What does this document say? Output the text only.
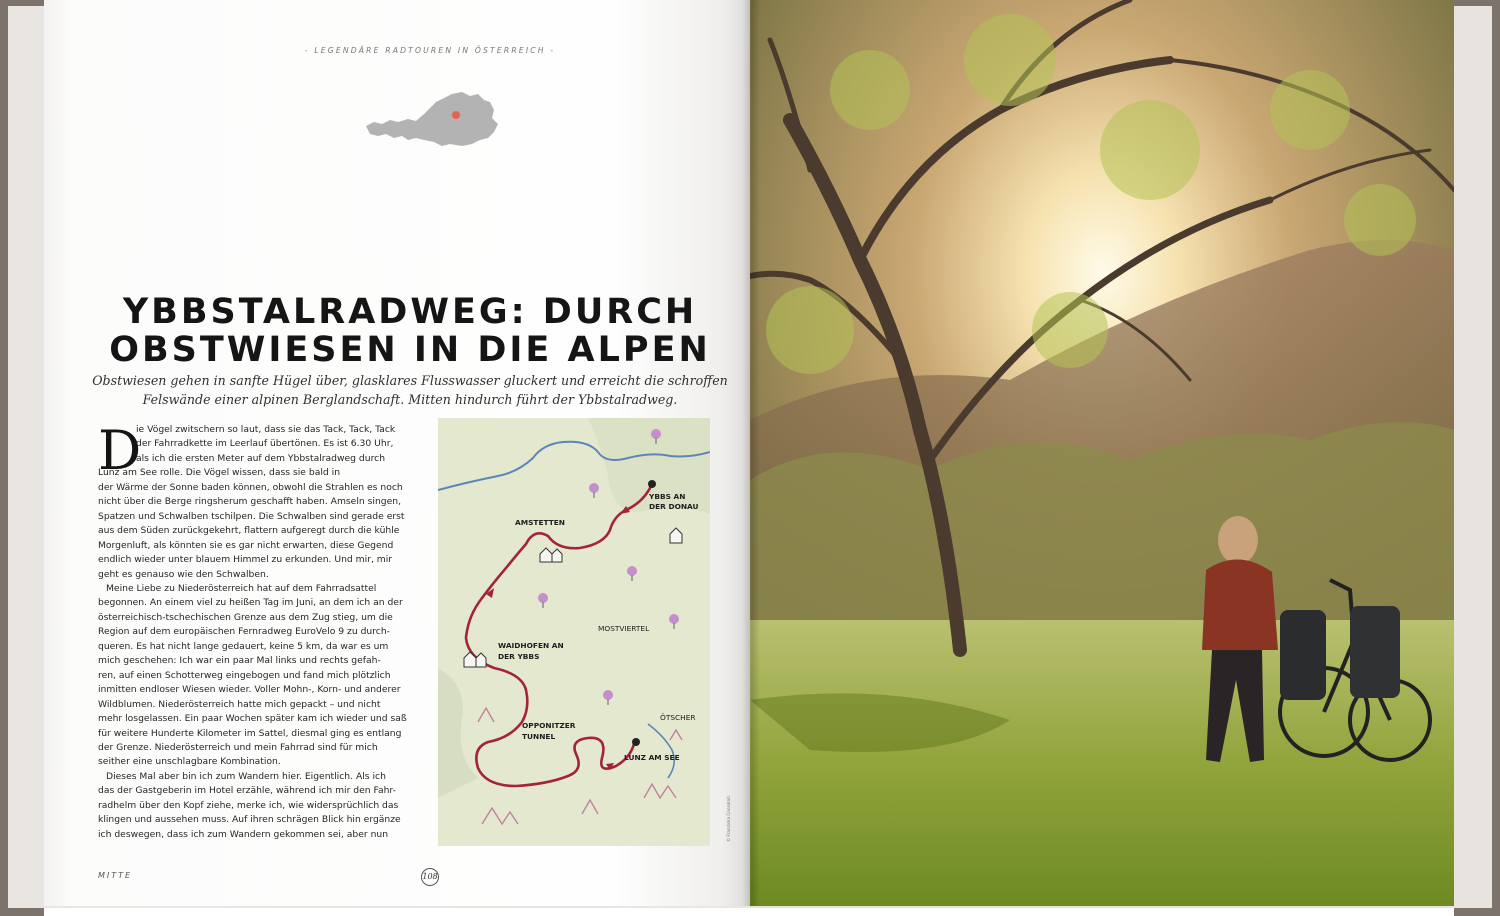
- LEGENDÄRE RADTOUREN IN ÖSTERREICH -
YBBSTALRADWEG: DURCH
OBSTWIESEN IN DIE ALPEN
Obstwiesen gehen in sanfte Hügel über, glasklares Flusswasser gluckert und erreicht die schroffen
Felswände einer alpinen Berglandschaft. Mitten hindurch führt der Ybbstalradweg.
D
ie Vögel zwitschern so laut, dass sie das Tack, Tack, Tack
der Fahrradkette im Leerlauf übertönen. Es ist 6.30 Uhr,
als ich die ersten Meter auf dem Ybbstalradweg durch
Lunz am See rolle. Die Vögel wissen, dass sie bald in
der Wärme der Sonne baden können, obwohl die Strahlen es noch
nicht über die Berge ringsherum geschafft haben. Amseln singen,
Spatzen und Schwalben tschilpen. Die Schwalben sind gerade erst
aus dem Süden zurückgekehrt, flattern aufgeregt durch die kühle
Morgenluft, als könnten sie es gar nicht erwarten, diese Gegend
endlich wieder unter blauem Himmel zu erkunden. Und mir, mir
geht es genauso wie den Schwalben.
Meine Liebe zu Niederösterreich hat auf dem Fahrradsattel
begonnen. An einem viel zu heißen Tag im Juni, an dem ich an der
österreichisch-tschechischen Grenze aus dem Zug stieg, um die
Region auf dem europäischen Fernradweg EuroVelo 9 zu durch-
queren. Es hat nicht lange gedauert, keine 5 km, da war es um
mich geschehen: Ich war ein paar Mal links und rechts gefah-
ren, auf einen Schotterweg eingebogen und fand mich plötzlich
inmitten endloser Wiesen wieder. Voller Mohn-, Korn- und anderer
Wildblumen. Niederösterreich hatte mich gepackt – und nicht
mehr losgelassen. Ein paar Wochen später kam ich wieder und saß
für weitere Hunderte Kilometer im Sattel, diesmal ging es entlang
der Grenze. Niederösterreich und mein Fahrrad sind für mich
seither eine unschlagbare Kombination.
Dieses Mal aber bin ich zum Wandern hier. Eigentlich. Als ich
das der Gastgeberin im Hotel erzähle, während ich mir den Fahr-
radhelm über den Kopf ziehe, merke ich, wie widersprüchlich das
klingen und aussehen muss. Auf ihren schrägen Blick hin ergänze
ich deswegen, dass ich zum Wandern gekommen sei, aber nun
YBBS AN
DER DONAU
AMSTETTEN
MOSTVIERTEL
WAIDHOFEN AN
DER YBBS
ÖTSCHER
OPPONITZER
TUNNEL
LUNZ AM SEE
© Franziska Consolati
MITTE	108
